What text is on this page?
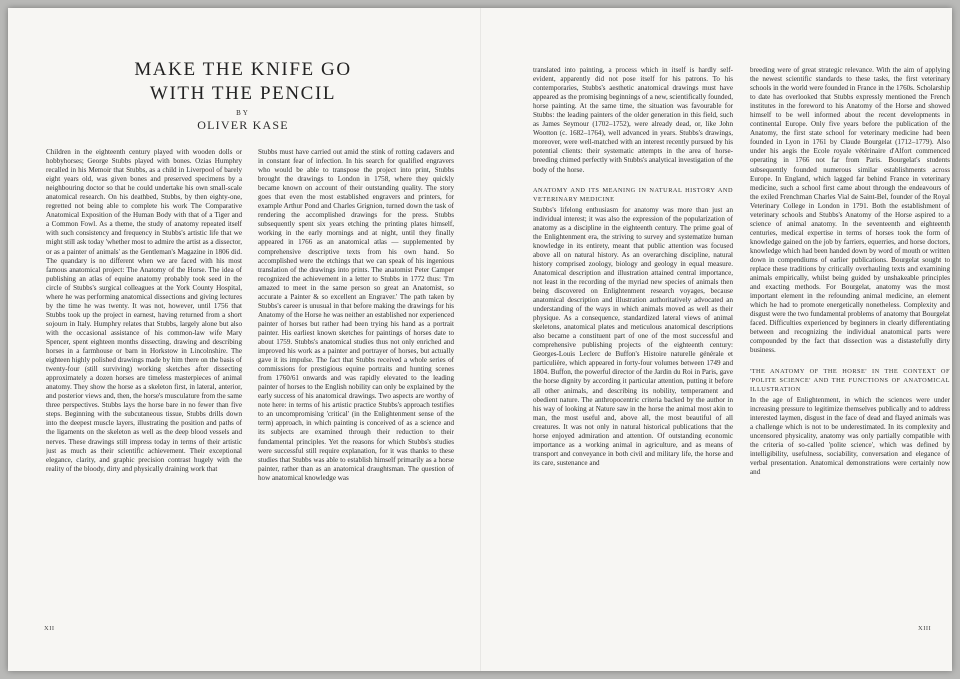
MAKE THE KNIFE GO
WITH THE PENCIL
BY
OLIVER KASE

Children in the eighteenth century played with wooden dolls or hobbyhorses; George Stubbs played with bones. Ozias Humphry recalled in his Memoir that Stubbs, as a child in Liverpool of barely eight years old, was given bones and preserved specimens by a neighbouring doctor so that he could undertake his own small-scale anatomical research. On his deathbed, Stubbs, by then eighty-one, regretted not being able to complete his work The Comparative Anatomical Exposition of the Human Body with that of a Tiger and a Common Fowl. As a theme, the study of anatomy repeated itself with such consistency and frequency in Stubbs's artistic life that we might still ask today 'whether most to admire the artist as a dissector, or as a painter of animals' as the Gentleman's Magazine in 1806 did. The quandary is no different when we are faced with his most famous anatomical project: The Anatomy of the Horse. The idea of publishing an atlas of equine anatomy probably took seed in the circle of Stubbs's surgical colleagues at the York County Hospital, where he was performing anatomical dissections and giving lectures by the time he was twenty. It was not, however, until 1756 that Stubbs took up the project in earnest, having returned from a short sojourn in Italy. Humphry relates that Stubbs, largely alone but also with the occasional assistance of his common-law wife Mary Spencer, spent eighteen months dissecting, drawing and describing horses in a farmhouse or barn in Horkstow in Lincolnshire. The eighteen highly polished drawings made by him there on the basis of twenty-four (still surviving) working sketches after dissecting approximately a dozen horses are timeless masterpieces of animal anatomy. They show the horse as a skeleton first, in lateral, anterior, and posterior views and, then, the horse's musculature from the same three perspectives. Stubbs lays the horse bare in no fewer than five steps. Beginning with the subcutaneous tissue, Stubbs drills down into the deepest muscle layers, illustrating the position and paths of the ligaments on the skeleton as well as the deep blood vessels and nerves. These drawings still impress today in terms of their artistic just as much as their scientific achievement. Their exceptional elegance, clarity, and graphic precision contrast hugely with the reality of the bloody, dirty and physically draining work that

Stubbs must have carried out amid the stink of rotting cadavers and in constant fear of infection. In his search for qualified engravers who would be able to transpose the project into print, Stubbs brought the drawings to London in 1758, where they quickly became known on account of their outstanding quality. The story goes that even the most established engravers and printers, for example Arthur Pond and Charles Grignion, turned down the task of rendering the accomplished drawings for the press. Stubbs subsequently spent six years etching the printing plates himself, working in the early mornings and at night, until they finally appeared in 1766 as an anatomical atlas — supplemented by comprehensive descriptive texts from his own hand. So accomplished were the etchings that we can speak of his ingenious translation of the drawings into prints. The anatomist Peter Camper recognized the achievement in a letter to Stubbs in 1772 thus: 'I'm amazed to meet in the same person so great an Anatomist, so accurate a Painter & so excellent an Engraver.' The path taken by Stubbs's career is unusual in that before making the drawings for his Anatomy of the Horse he was neither an established nor experienced painter of horses but rather had been trying his hand as a portrait painter. His earliest known sketches for paintings of horses date to about 1759. Stubbs's anatomical studies thus not only enriched and improved his work as a painter and portrayer of horses, but actually gave it its impulse. The fact that Stubbs received a whole series of commissions for prestigious equine portraits and hunting scenes from 1760/61 onwards and was rapidly elevated to the leading painter of horses to the English nobility can only be explained by the early success of his anatomical drawings. Two aspects are worthy of note here: in terms of his artistic practice Stubbs's approach testifies to an uncompromising 'critical' (in the Enlightenment sense of the term) approach, in which painting is conceived of as a science and its subjects are examined through their reduction to their fundamental principles. Yet the reasons for which Stubbs's studies were successful still require explanation, for it was thanks to these studies that Stubbs was able to establish himself primarily as a horse painter, rather than as an anatomical draughtsman. The question of how anatomical knowledge was

translated into painting, a process which in itself is hardly self-evident, apparently did not pose itself for his patrons. To his contemporaries, Stubbs's aesthetic anatomical drawings must have appeared as the promising beginnings of a new, scientifically founded, horse painting. At the same time, the situation was favourable for Stubbs: the leading painters of the older generation in this field, such as James Seymour (1702–1752), were already dead, or, like John Wootton (c. 1682–1764), well advanced in years. Stubbs's drawings, moreover, were well-matched with an interest recently pursued by his potential clients: their systematic attempts in the area of horse-breeding chimed perfectly with Stubbs's analytical investigation of the body of the horse.

ANATOMY AND ITS MEANING IN NATURAL HISTORY AND VETERINARY MEDICINE

Stubbs's lifelong enthusiasm for anatomy was more than just an individual interest; it was also the expression of the popularization of anatomy as a discipline in the eighteenth century. The prime goal of the Enlightenment era, the striving to survey and systematize human knowledge in its entirety, meant that public attention was focused above all on natural history. As an overarching discipline, natural history comprised zoology, biology and geology in equal measure. Anatomical description and illustration attained central importance, not least in the recording of the myriad new species of animals then being discovered on Enlightenment research voyages, because anatomical description and illustration authoritatively advocated an understanding of the ways in which animals moved as well as their physique. As a consequence, standardized lateral views of animal skeletons, anatomical plates and meticulous anatomical descriptions also became a constituent part of one of the most successful and comprehensive publishing projects of the eighteenth century: Georges-Louis Leclerc de Buffon's Histoire naturelle générale et particulière, which appeared in forty-four volumes between 1749 and 1804. Buffon, the powerful director of the Jardin du Roi in Paris, gave the horse dignity by according it particular attention, putting it before all other animals, and describing its nobility, temperament and obedient nature. The anthropocentric criteria backed by the author in his way of looking at Nature saw in the horse the animal most akin to man, the most useful and, above all, the most beautiful of all creatures. It was not only in natural historical publications that the horse enjoyed admiration and attention. Of outstanding economic importance as a working animal in agriculture, and as means of transport and conveyance in both civil and military life, the horse and its care, sustenance and

breeding were of great strategic relevance. With the aim of applying the newest scientific standards to these tasks, the first veterinary schools in the world were founded in France in the 1760s. Scholarship to date has overlooked that Stubbs expressly mentioned the French institutes in the foreword to his Anatomy of the Horse and showed himself to be well informed about the recent developments in continental Europe. Only five years before the publication of the Anatomy, the first state school for veterinary medicine had been founded in Lyon in 1761 by Claude Bourgelat (1712–1779). Also under his aegis the Ecole royale vétérinaire d'Alfort commenced operating in 1766 not far from Paris. Bourgelat's students subsequently founded numerous similar establishments across Europe. In England, which lagged far behind France in veterinary medicine, such a school first came about through the endeavours of the exiled Frenchman Charles Vial de Saint-Bel, founder of the Royal Veterinary College in London in 1791. Both the establishment of veterinary schools and Stubbs's Anatomy of the Horse aspired to a science of animal anatomy. In the seventeenth and eighteenth centuries, medical expertise in terms of horses took the form of knowledge gained on the job by farriers, equerries, and horse doctors, knowledge which had been handed down by word of mouth or written down in compendiums of earlier publications. Bourgelat sought to replace these traditions by critically overhauling texts and examining animals empirically, whilst being guided by unshakeable principles and exacting methods. For Bourgelat, anatomy was the most important element in the refounding animal medicine, an element which he had to promote energetically nonetheless. Complexity and disgust were the two fundamental problems of anatomy that Bourgelat faced. Difficulties experienced by beginners in clearly differentiating between and recognizing the individual anatomical parts were compounded by the fact that dissection was a distastefully dirty business.

'THE ANATOMY OF THE HORSE' IN THE CONTEXT OF 'POLITE SCIENCE' AND THE FUNCTIONS OF ANATOMICAL ILLUSTRATION

In the age of Enlightenment, in which the sciences were under increasing pressure to legitimize themselves publically and to address interested laymen, disgust in the face of dead and flayed animals was a challenge which is not to be underestimated. In its complexity and uncensored physicality, anatomy was only partially compatible with the criteria of so-called 'polite science', which was defined by intelligibility, usefulness, sociability, conversation and elegance of verbal presentation. Anatomical demonstrations were certainly now and

XII	XIII
